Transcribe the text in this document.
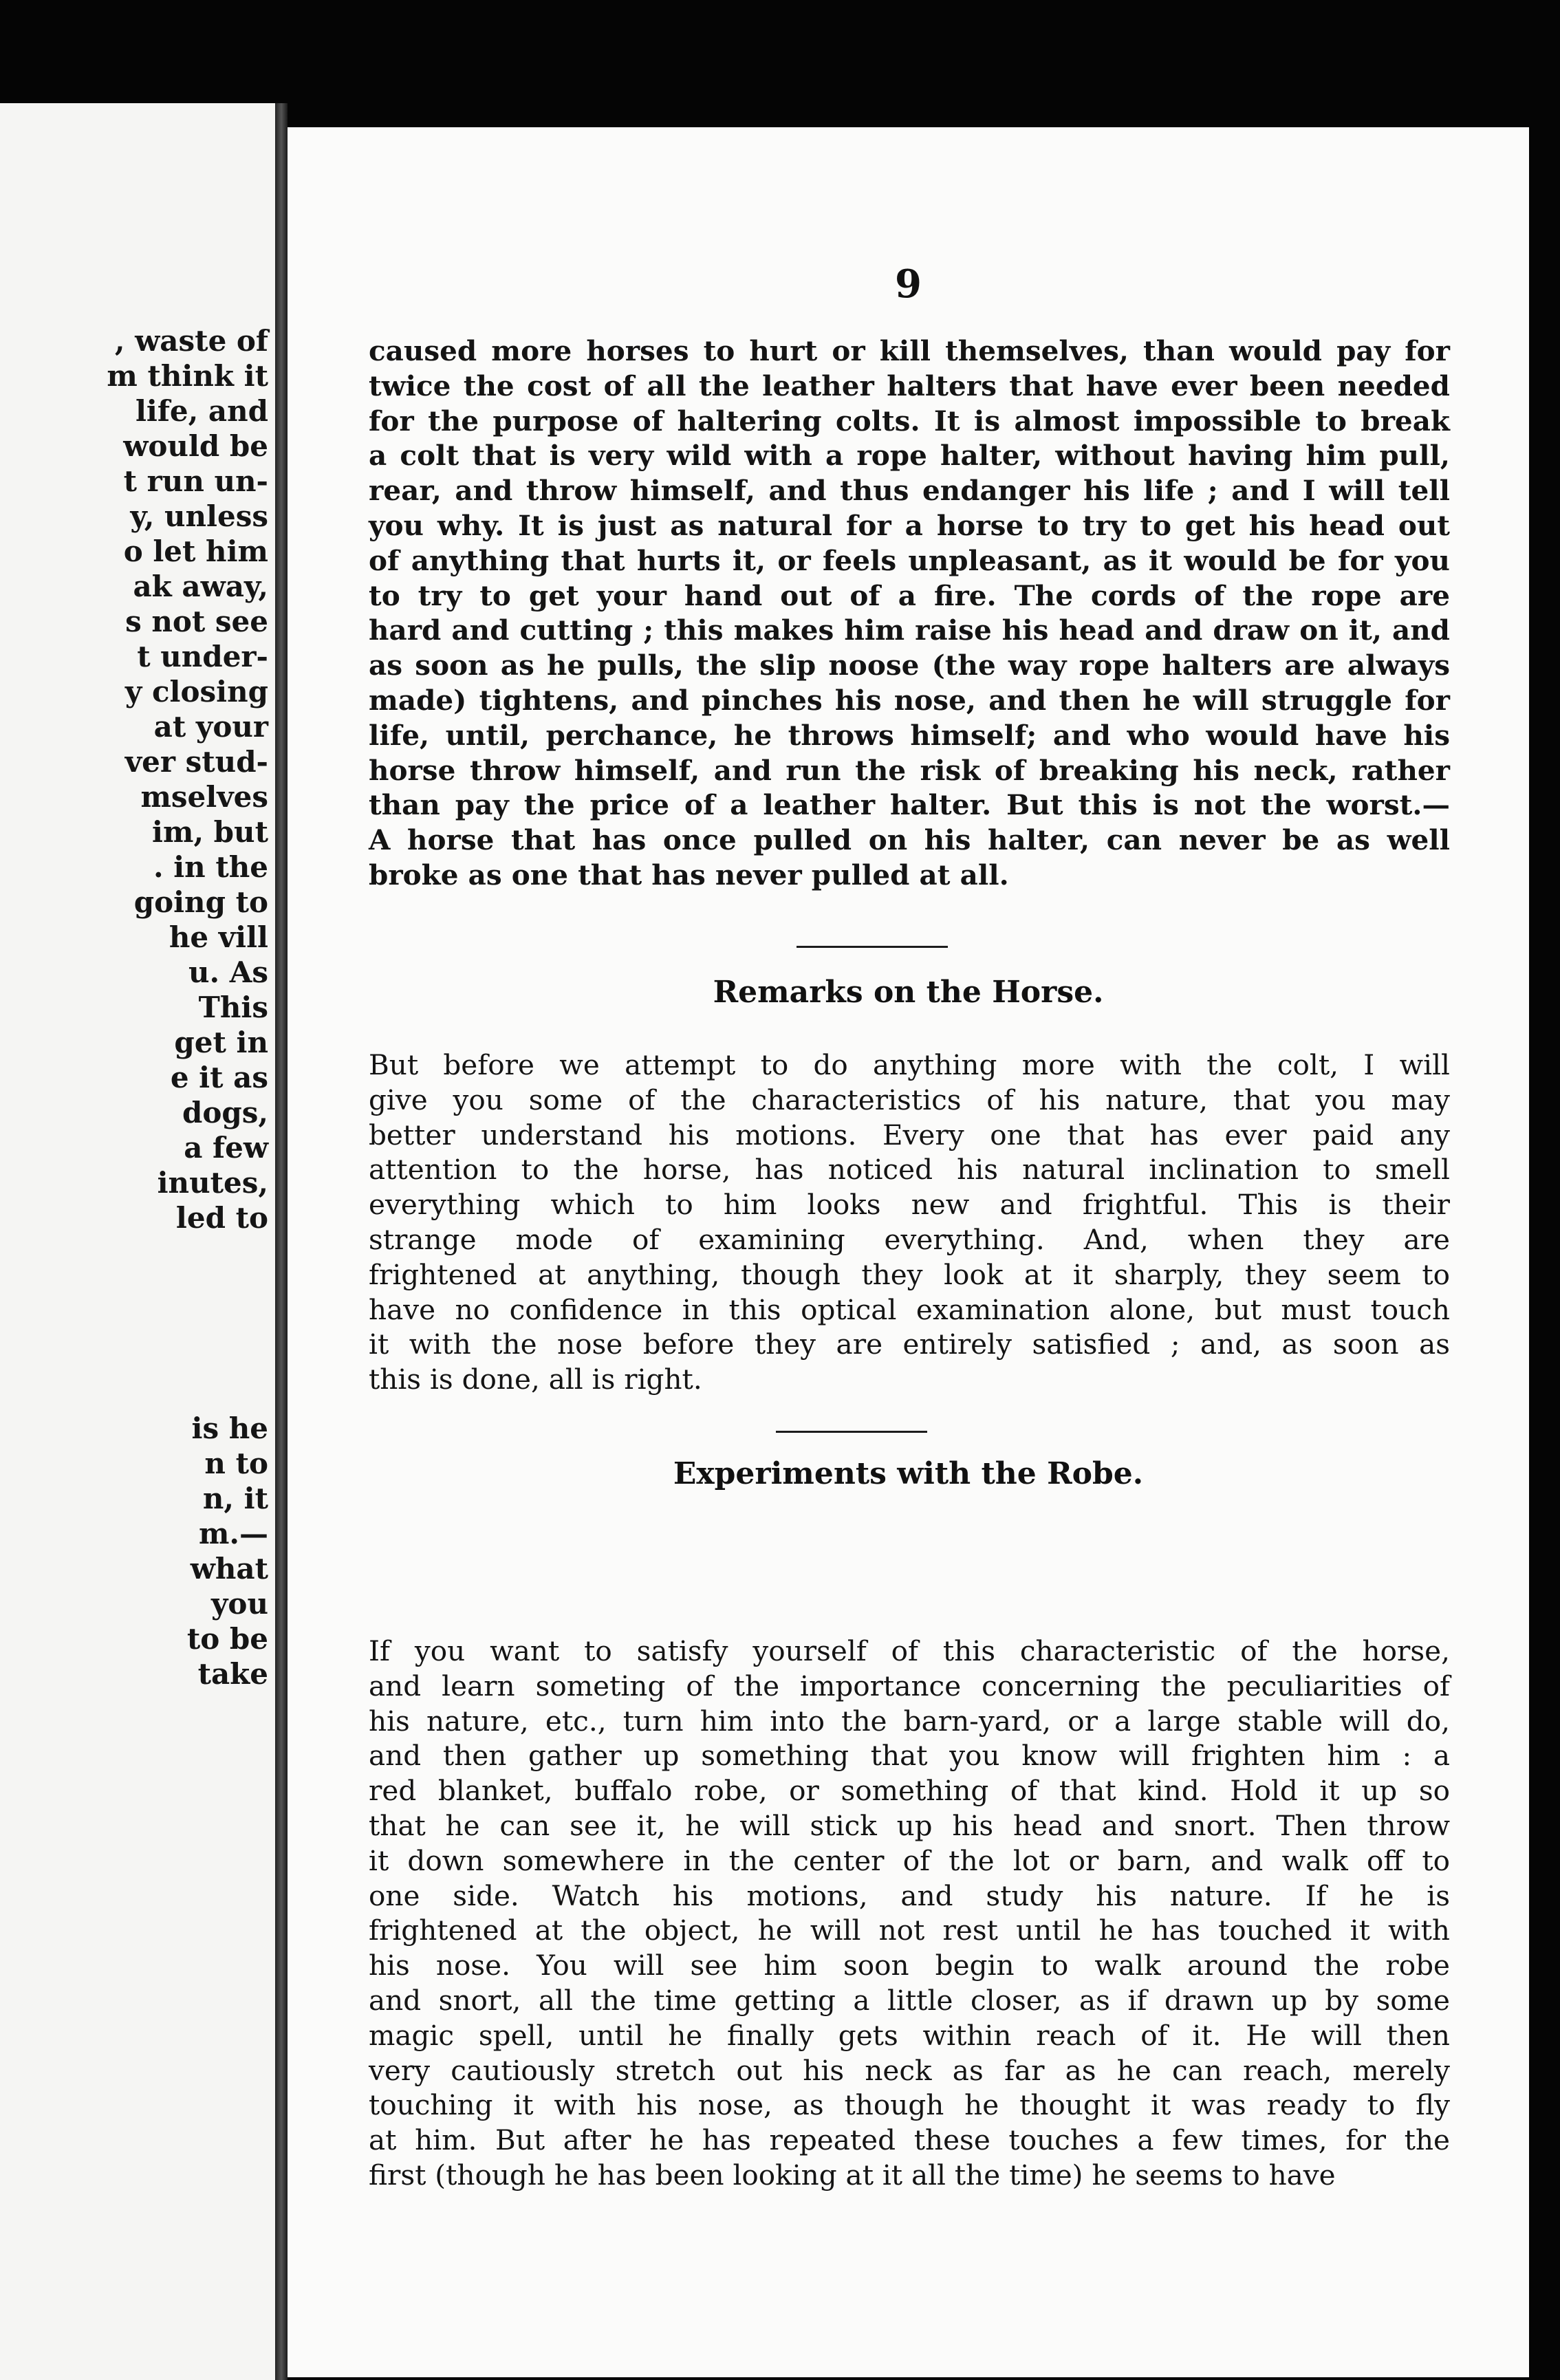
, waste of
m think it
life, and
would be
t run un-
y, unless
o let him
ak away,
s not see
t under-
y closing
at your
ver stud-
mselves
im, but
. in the
going to
he vill
u. As
This
get in
e it as
dogs,
a few
inutes,
led to

is he
n to
n, it
m.—
what
you
to be
take
9
caused more horses to hurt or kill themselves, than would pay for
twice the cost of all the leather halters that have ever been needed
for the purpose of haltering colts. It is almost impossible to break
a colt that is very wild with a rope halter, without having him pull,
rear, and throw himself, and thus endanger his life ; and I will tell
you why. It is just as natural for a horse to try to get his head out
of anything that hurts it, or feels unpleasant, as it would be for you
to try to get your hand out of a fire. The cords of the rope are
hard and cutting ; this makes him raise his head and draw on it, and
as soon as he pulls, the slip noose (the way rope halters are always
made) tightens, and pinches his nose, and then he will struggle for
life, until, perchance, he throws himself; and who would have his
horse throw himself, and run the risk of breaking his neck, rather
than pay the price of a leather halter. But this is not the worst.—
A horse that has once pulled on his halter, can never be as well
broke as one that has never pulled at all.
Remarks on the Horse.
But before we attempt to do anything more with the colt, I will
give you some of the characteristics of his nature, that you may
better understand his motions. Every one that has ever paid any
attention to the horse, has noticed his natural inclination to smell
everything which to him looks new and frightful. This is their
strange mode of examining everything. And, when they are
frightened at anything, though they look at it sharply, they seem to
have no confidence in this optical examination alone, but must touch
it with the nose before they are entirely satisfied ; and, as soon as
this is done, all is right.
Experiments with the Robe.
If you want to satisfy yourself of this characteristic of the horse,
and learn someting of the importance concerning the peculiarities of
his nature, etc., turn him into the barn-yard, or a large stable will do,
and then gather up something that you know will frighten him : a
red blanket, buffalo robe, or something of that kind. Hold it up so
that he can see it, he will stick up his head and snort. Then throw
it down somewhere in the center of the lot or barn, and walk off to
one side. Watch his motions, and study his nature. If he is
frightened at the object, he will not rest until he has touched it with
his nose. You will see him soon begin to walk around the robe
and snort, all the time getting a little closer, as if drawn up by some
magic spell, until he finally gets within reach of it. He will then
very cautiously stretch out his neck as far as he can reach, merely
touching it with his nose, as though he thought it was ready to fly
at him. But after he has repeated these touches a few times, for the
first (though he has been looking at it all the time) he seems to have
